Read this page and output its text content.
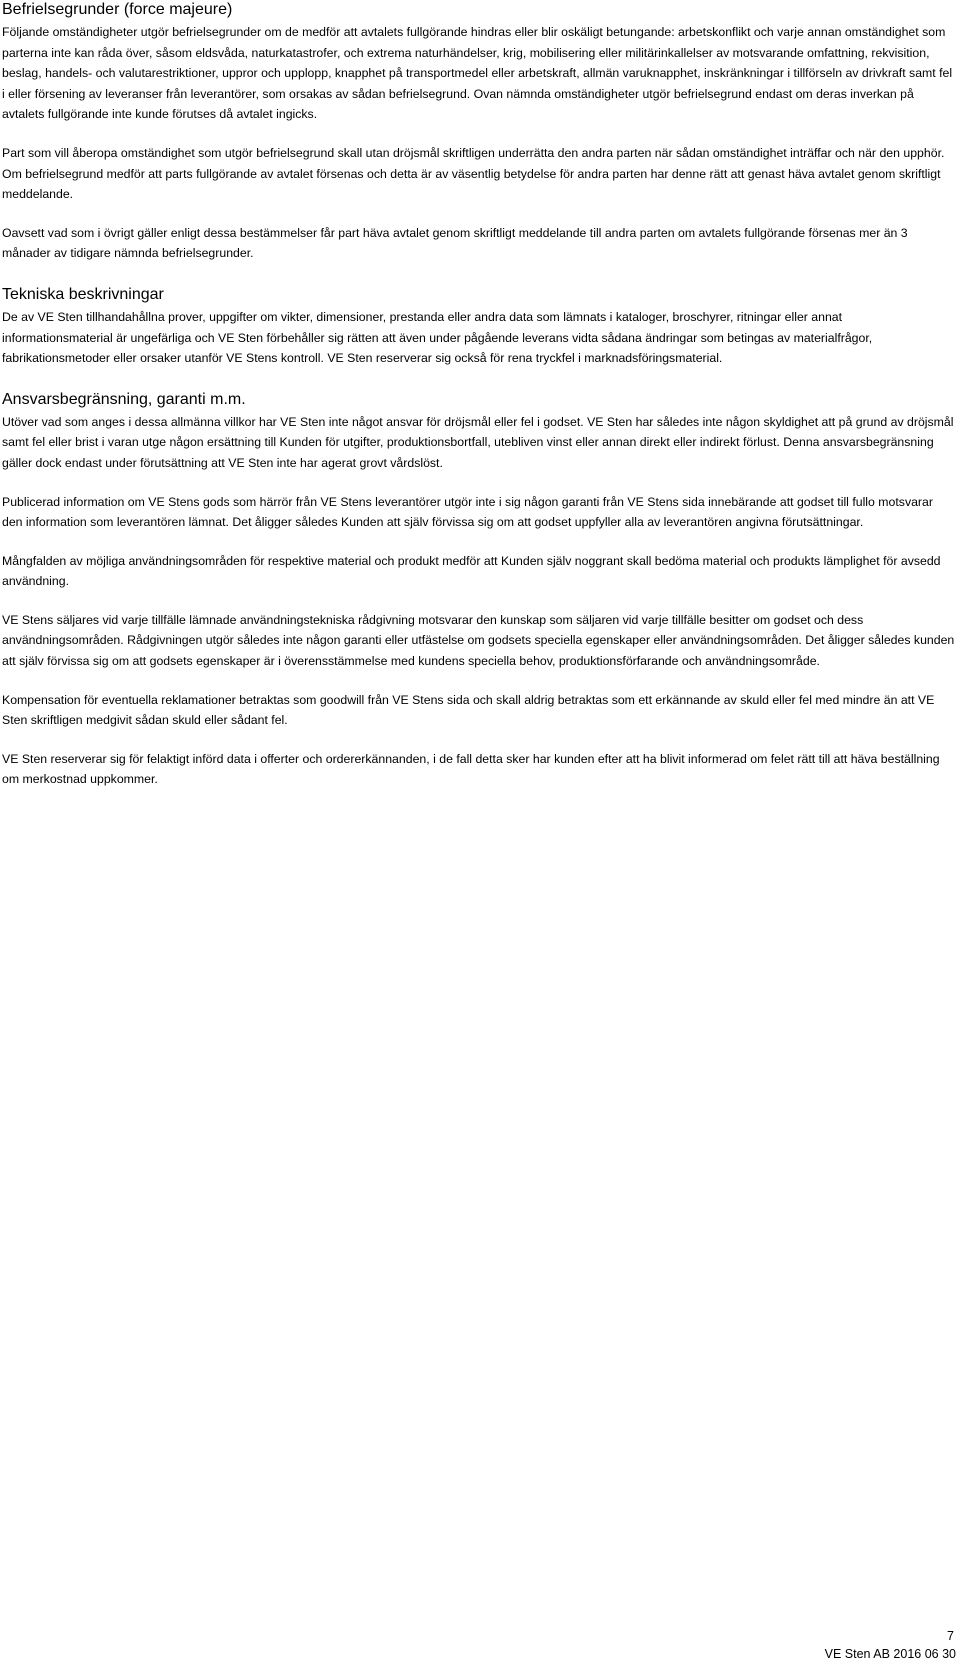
Befrielsegrunder (force majeure)

Följande omständigheter utgör befrielsegrunder om de medför att avtalets fullgörande hindras eller blir oskäligt betungande: arbetskonflikt och varje annan omständighet som parterna inte kan råda över, såsom eldsvåda, naturkatastrofer, och extrema naturhändelser, krig, mobilisering eller militärinkallelser av motsvarande omfattning, rekvisition, beslag, handels- och valutarestriktioner, uppror och upplopp, knapphet på transportmedel eller arbetskraft, allmän varuknapphet, inskränkningar i tillförseln av drivkraft samt fel i eller försening av leveranser från leverantörer, som orsakas av sådan befrielsegrund. Ovan nämnda omständigheter utgör befrielsegrund endast om deras inverkan på avtalets fullgörande inte kunde förutses då avtalet ingicks.

Part som vill åberopa omständighet som utgör befrielsegrund skall utan dröjsmål skriftligen underrätta den andra parten när sådan omständighet inträffar och när den upphör. Om befrielsegrund medför att parts fullgörande av avtalet försenas och detta är av väsentlig betydelse för andra parten har denne rätt att genast häva avtalet genom skriftligt meddelande.

Oavsett vad som i övrigt gäller enligt dessa bestämmelser får part häva avtalet genom skriftligt meddelande till andra parten om avtalets fullgörande försenas mer än 3 månader av tidigare nämnda befrielsegrunder.

Tekniska beskrivningar

De av VE Sten tillhandahållna prover, uppgifter om vikter, dimensioner, prestanda eller andra data som lämnats i kataloger, broschyrer, ritningar eller annat informationsmaterial är ungefärliga och VE Sten förbehåller sig rätten att även under pågående leverans vidta sådana ändringar som betingas av materialfrågor, fabrikationsmetoder eller orsaker utanför VE Stens kontroll. VE Sten reserverar sig också för rena tryckfel i marknadsföringsmaterial.

Ansvarsbegränsning, garanti m.m.

Utöver vad som anges i dessa allmänna villkor har VE Sten inte något ansvar för dröjsmål eller fel i godset. VE Sten har således inte någon skyldighet att på grund av dröjsmål samt fel eller brist i varan utge någon ersättning till Kunden för utgifter, produktionsbortfall, utebliven vinst eller annan direkt eller indirekt förlust. Denna ansvarsbegränsning gäller dock endast under förutsättning att VE Sten inte har agerat grovt vårdslöst.

Publicerad information om VE Stens gods som härrör från VE Stens leverantörer utgör inte i sig någon garanti från VE Stens sida innebärande att godset till fullo motsvarar den information som leverantören lämnat. Det åligger således Kunden att själv förvissa sig om att godset uppfyller alla av leverantören angivna förutsättningar.

Mångfalden av möjliga användningsområden för respektive material och produkt medför att Kunden själv noggrant skall bedöma material och produkts lämplighet för avsedd användning.

VE Stens säljares vid varje tillfälle lämnade användningstekniska rådgivning motsvarar den kunskap som säljaren vid varje tillfälle besitter om godset och dess användningsområden. Rådgivningen utgör således inte någon garanti eller utfästelse om godsets speciella egenskaper eller användningsområden. Det åligger således kunden att själv förvissa sig om att godsets egenskaper är i överensstämmelse med kundens speciella behov, produktionsförfarande och användningsområde.

Kompensation för eventuella reklamationer betraktas som goodwill från VE Stens sida och skall aldrig betraktas som ett erkännande av skuld eller fel med mindre än att VE Sten skriftligen medgivit sådan skuld eller sådant fel.

VE Sten reserverar sig för felaktigt införd data i offerter och ordererkännanden, i de fall detta sker har kunden efter att ha blivit informerad om felet rätt till att häva beställning om merkostnad uppkommer.

7
VE Sten AB 2016 06 30
